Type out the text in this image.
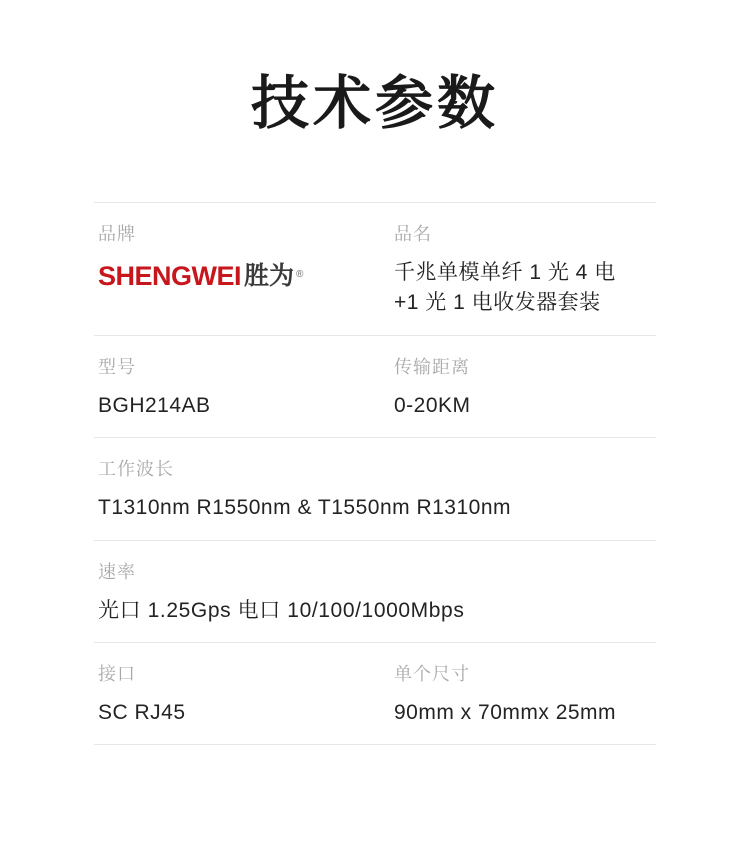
技术参数
品牌
SHENGWEI 胜为 ®
品名
千兆单模单纤 1 光 4 电 +1 光 1 电收发器套装
型号
BGH214AB
传输距离
0-20KM
工作波长
T1310nm R1550nm & T1550nm R1310nm
速率
光口 1.25Gps 电口 10/100/1000Mbps
接口
SC RJ45
单个尺寸
90mm x 70mmx 25mm
